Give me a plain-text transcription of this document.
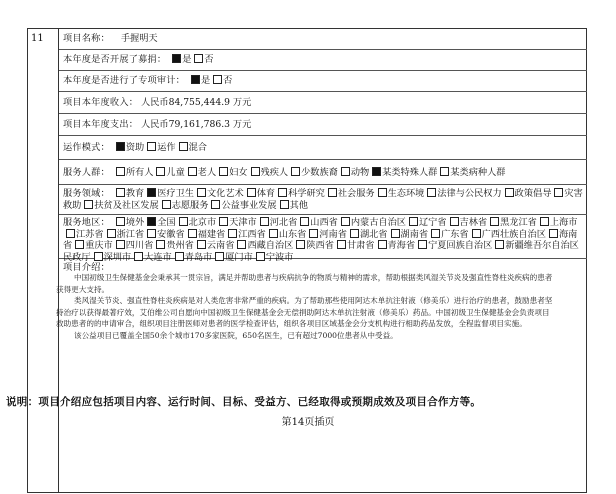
11	项目名称： 手握明天
本年度是否开展了募捐： 是 否
本年度是否进行了专项审计： 是 否
项目本年度收入： 人民币84,755,444.9 万元
项目本年度支出： 人民币79,161,786.3 万元
运作模式： 资助 运作 混合
服务人群： 所有人 儿童 老人 妇女 残疾人 少数族裔 动物 某类特殊人群 某类病种人群
服务领域： 教育 医疗卫生 文化艺术 体育 科学研究 社会服务 生态环境 法律与公民权力 政策倡导 灾害救助 扶贫及社区发展 志愿服务 公益事业发展 其他
服务地区： 境外 全国 北京市 天津市 河北省 山西省 内蒙古自治区 辽宁省 吉林省 黑龙江省 上海市江苏省 浙江省 安徽省 福建省 江西省 山东省 河南省 湖北省 湖南省 广东省 广西壮族自治区 海南省 重庆市 四川省 贵州省 云南省 西藏自治区 陕西省 甘肃省 青海省 宁夏回族自治区 新疆维吾尔自治区民政厅 深圳市 大连市 青岛市 厦门市 宁波市
项目介绍：

中国初级卫生保健基金会秉承其一贯宗旨，满足并帮助患者与疾病抗争的物质与精神的需求，帮助根据类风湿关节炎及强直性脊柱炎疾病的患者获得更大支持。

类风湿关节炎、强直性脊柱炎疾病是对人类危害非常严重的疾病。为了帮助那些使用阿达木单抗注射液（修美乐）进行治疗的患者，鼓励患者坚持治疗以获得最著疗效，艾伯维公司自愿向中国初级卫生保健基金会无偿捐助阿达木单抗注射液（修美乐）药品。中国初级卫生保健基金会负责项目救助患者的的申请审合，组织项目注册医师对患者的医学检查评估，组织各项目区域基金会分支机构进行相助药品发放，全程监督项目实施。

该公益项目已覆盖全国50余个城市170多家医院，650名医生，已有超过7000位患者从中受益。

说明：项目介绍应包括项目内容、运行时间、目标、受益方、已经取得或预期成效及项目合作方等。
第14页插页
